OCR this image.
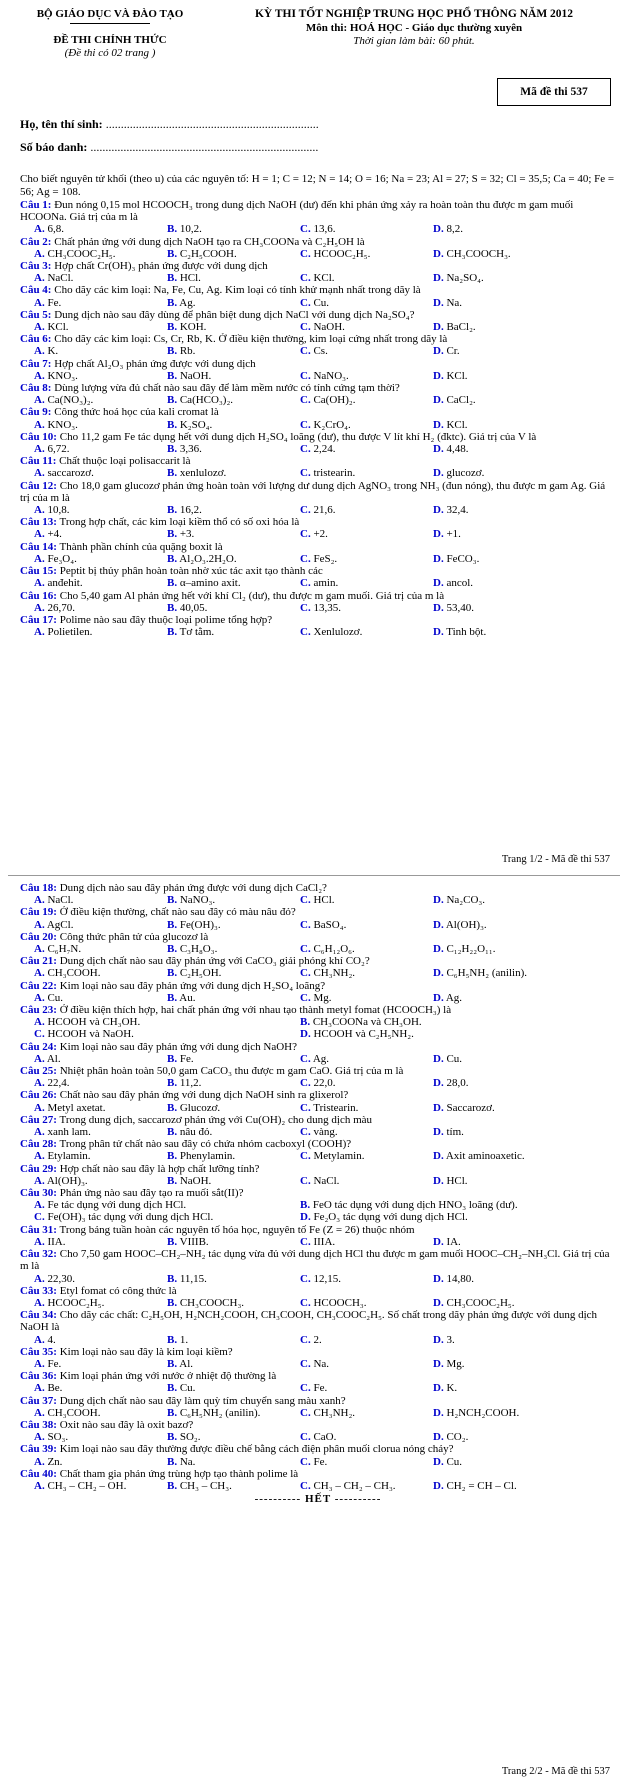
BỘ GIÁO DỤC VÀ ĐÀO TẠO
ĐỀ THI CHÍNH THỨC
(Đề thi có 02 trang )
KỲ THI TỐT NGHIỆP TRUNG HỌC PHỔ THÔNG NĂM 2012
Môn thi: HOÁ HỌC - Giáo dục thường xuyên
Thời gian làm bài: 60 phút.
Mã đề thi 537
Họ, tên thí sinh: .......................................................................
Số báo danh: ............................................................................
Cho biết nguyên tử khối (theo u) của các nguyên tố: H = 1; C = 12; N = 14; O = 16; Na = 23; Al = 27; S = 32; Cl = 35,5; Ca = 40; Fe = 56; Ag = 108.
Câu 1: Đun nóng 0,15 mol HCOOCH₃ trong dung dịch NaOH (dư) đến khi phản ứng xảy ra hoàn toàn thu được m gam muối HCOONa. Giá trị của m là
A. 6,8.	B. 10,2.	C. 13,6.	D. 8,2.
Câu 2: Chất phản ứng với dung dịch NaOH tạo ra CH₃COONa và C₂H₅OH là
A. CH₃COOC₂H₅.	B. C₂H₅COOH.	C. HCOOC₂H₅.	D. CH₃COOCH₃.
Câu 3: Hợp chất Cr(OH)₃ phản ứng được với dung dịch
A. NaCl.	B. HCl.	C. KCl.	D. Na₂SO₄.
Câu 4: Cho dãy các kim loại: Na, Fe, Cu, Ag. Kim loại có tính khử mạnh nhất trong dãy là
A. Fe.	B. Ag.	C. Cu.	D. Na.
Câu 5: Dung dịch nào sau đây dùng để phân biệt dung dịch NaCl với dung dịch Na₂SO₄?
A. KCl.	B. KOH.	C. NaOH.	D. BaCl₂.
Câu 6: Cho dãy các kim loại: Cs, Cr, Rb, K. Ở điều kiện thường, kim loại cứng nhất trong dãy là
A. K.	B. Rb.	C. Cs.	D. Cr.
Câu 7: Hợp chất Al₂O₃ phản ứng được với dung dịch
A. KNO₃.	B. NaOH.	C. NaNO₃.	D. KCl.
Câu 8: Dùng lượng vừa đủ chất nào sau đây để làm mềm nước có tính cứng tạm thời?
A. Ca(NO₃)₂.	B. Ca(HCO₃)₂.	C. Ca(OH)₂.	D. CaCl₂.
Câu 9: Công thức hoá học của kali cromat là
A. KNO₃.	B. K₂SO₄.	C. K₂CrO₄.	D. KCl.
Câu 10: Cho 11,2 gam Fe tác dụng hết với dung dịch H₂SO₄ loãng (dư), thu được V lít khí H₂ (đktc). Giá trị của V là
A. 6,72.	B. 3,36.	C. 2,24.	D. 4,48.
Câu 11: Chất thuộc loại polisaccarit là
A. saccarozơ.	B. xenlulozơ.	C. tristearin.	D. glucozơ.
Câu 12: Cho 18,0 gam glucozơ phản ứng hoàn toàn với lượng dư dung dịch AgNO₃ trong NH₃ (đun nóng), thu được m gam Ag. Giá trị của m là
A. 10,8.	B. 16,2.	C. 21,6.	D. 32,4.
Câu 13: Trong hợp chất, các kim loại kiềm thổ có số oxi hóa là
A. +4.	B. +3.	C. +2.	D. +1.
Câu 14: Thành phần chính của quặng boxit là
A. Fe₃O₄.	B. Al₂O₃.2H₂O.	C. FeS₂.	D. FeCO₃.
Câu 15: Peptit bị thủy phân hoàn toàn nhờ xúc tác axit tạo thành các
A. anđehit.	B. α–amino axit.	C. amin.	D. ancol.
Câu 16: Cho 5,40 gam Al phản ứng hết với khí Cl₂ (dư), thu được m gam muối. Giá trị của m là
A. 26,70.	B. 40,05.	C. 13,35.	D. 53,40.
Câu 17: Polime nào sau đây thuộc loại polime tổng hợp?
A. Polietilen.	B. Tơ tằm.	C. Xenlulozơ.	D. Tinh bột.
Trang 1/2 - Mã đề thi 537
Câu 18: Dung dịch nào sau đây phản ứng được với dung dịch CaCl₂?
A. NaCl.	B. NaNO₃.	C. HCl.	D. Na₂CO₃.
Câu 19: Ở điều kiện thường, chất nào sau đây có màu nâu đỏ?
A. AgCl.	B. Fe(OH)₃.	C. BaSO₄.	D. Al(OH)₃.
Câu 20: Công thức phân tử của glucozơ là
A. C₆H₇N.	B. C₃H₈O₃.	C. C₆H₁₂O₆.	D. C₁₂H₂₂O₁₁.
Câu 21: Dung dịch chất nào sau đây phản ứng với CaCO₃ giải phóng khí CO₂?
A. CH₃COOH.	B. C₂H₅OH.	C. CH₃NH₂.	D. C₆H₅NH₂ (anilin).
Câu 22: Kim loại nào sau đây phản ứng với dung dịch H₂SO₄ loãng?
A. Cu.	B. Au.	C. Mg.	D. Ag.
Câu 23: Ở điều kiện thích hợp, hai chất phản ứng với nhau tạo thành metyl fomat (HCOOCH₃) là
A. HCOOH và CH₃OH.	B. CH₃COONa và CH₃OH.
C. HCOOH và NaOH.	D. HCOOH và C₂H₅NH₂.
Câu 24: Kim loại nào sau đây phản ứng với dung dịch NaOH?
A. Al.	B. Fe.	C. Ag.	D. Cu.
Câu 25: Nhiệt phân hoàn toàn 50,0 gam CaCO₃ thu được m gam CaO. Giá trị của m là
A. 22,4.	B. 11,2.	C. 22,0.	D. 28,0.
Câu 26: Chất nào sau đây phản ứng với dung dịch NaOH sinh ra glixerol?
A. Metyl axetat.	B. Glucozơ.	C. Tristearin.	D. Saccarozơ.
Câu 27: Trong dung dịch, saccarozơ phản ứng với Cu(OH)₂ cho dung dịch màu
A. xanh lam.	B. nâu đỏ.	C. vàng.	D. tím.
Câu 28: Trong phân tử chất nào sau đây có chứa nhóm cacboxyl (COOH)?
A. Etylamin.	B. Phenylamin.	C. Metylamin.	D. Axit aminoaxetic.
Câu 29: Hợp chất nào sau đây là hợp chất lưỡng tính?
A. Al(OH)₃.	B. NaOH.	C. NaCl.	D. HCl.
Câu 30: Phản ứng nào sau đây tạo ra muối sắt(II)?
A. Fe tác dụng với dung dịch HCl.	B. FeO tác dụng với dung dịch HNO₃ loãng (dư).
C. Fe(OH)₃ tác dụng với dung dịch HCl.	D. Fe₂O₃ tác dụng với dung dịch HCl.
Câu 31: Trong bảng tuần hoàn các nguyên tố hóa học, nguyên tố Fe (Z = 26) thuộc nhóm
A. IIA.	B. VIIIB.	C. IIIA.	D. IA.
Câu 32: Cho 7,50 gam HOOC–CH₂–NH₂ tác dụng vừa đủ với dung dịch HCl thu được m gam muối HOOC–CH₂–NH₃Cl. Giá trị của m là
A. 22,30.	B. 11,15.	C. 12,15.	D. 14,80.
Câu 33: Etyl fomat có công thức là
A. HCOOC₂H₅.	B. CH₃COOCH₃.	C. HCOOCH₃.	D. CH₃COOC₂H₅.
Câu 34: Cho dãy các chất: C₂H₅OH, H₂NCH₂COOH, CH₃COOH, CH₃COOC₂H₅. Số chất trong dãy phản ứng được với dung dịch NaOH là
A. 4.	B. 1.	C. 2.	D. 3.
Câu 35: Kim loại nào sau đây là kim loại kiềm?
A. Fe.	B. Al.	C. Na.	D. Mg.
Câu 36: Kim loại phản ứng với nước ở nhiệt độ thường là
A. Be.	B. Cu.	C. Fe.	D. K.
Câu 37: Dung dịch chất nào sau đây làm quỳ tím chuyển sang màu xanh?
A. CH₃COOH.	B. C₆H₅NH₂ (anilin).	C. CH₃NH₂.	D. H₂NCH₂COOH.
Câu 38: Oxit nào sau đây là oxit bazơ?
A. SO₃.	B. SO₂.	C. CaO.	D. CO₂.
Câu 39: Kim loại nào sau đây thường được điều chế bằng cách điện phân muối clorua nóng chảy?
A. Zn.	B. Na.	C. Fe.	D. Cu.
Câu 40: Chất tham gia phản ứng trùng hợp tạo thành polime là
A. CH₃ – CH₂ – OH.	B. CH₃ – CH₃.	C. CH₃ – CH₂ – CH₃.	D. CH₂ = CH – Cl.
---------- HẾT ----------
Trang 2/2 - Mã đề thi 537
